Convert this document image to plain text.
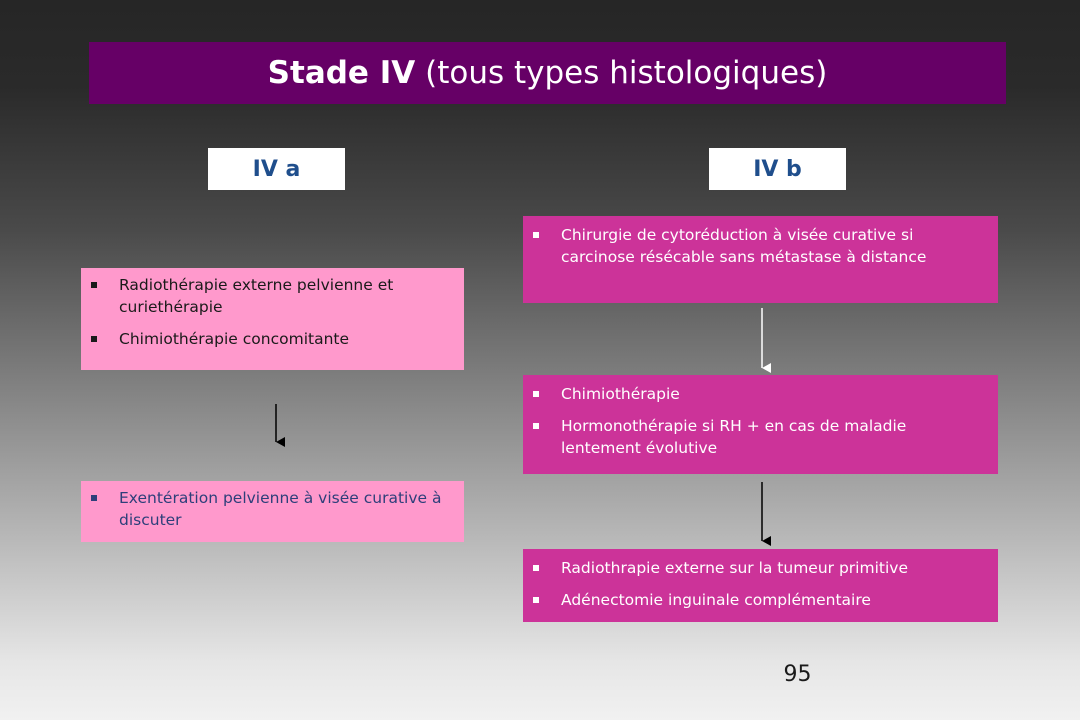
Stade IV
(tous types histologiques)
IV a	IV b
Radiothérapie externe pelvienne et curiethérapie
Chimiothérapie concomitante
Exentération pelvienne à visée curative à discuter
Chirurgie de cytoréduction à visée curative si carcinose résécable sans métastase à distance
Chimiothérapie
Hormonothérapie si RH + en cas de maladie lentement évolutive
Radiothrapie externe sur la tumeur primitive
Adénectomie inguinale complémentaire
95
